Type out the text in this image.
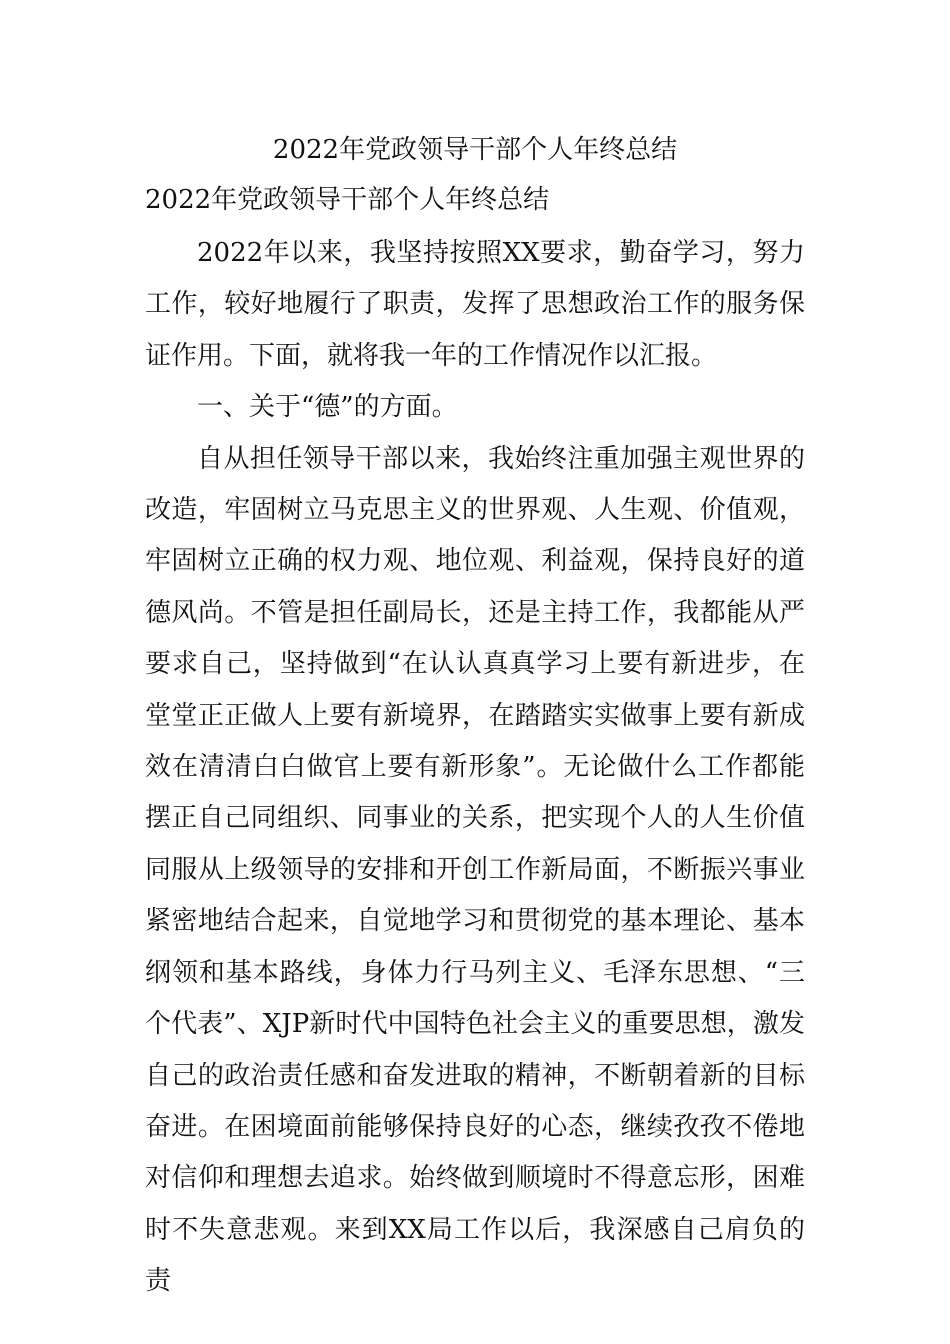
2022年党政领导干部个人年终总结
2022年党政领导干部个人年终总结

2022年以来，我坚持按照XX要求，勤奋学习，努力工作，较好地履行了职责，发挥了思想政治工作的服务保证作用。下面，就将我一年的工作情况作以汇报。

一、关于“德”的方面。

自从担任领导干部以来，我始终注重加强主观世界的改造，牢固树立马克思主义的世界观、人生观、价值观，牢固树立正确的权力观、地位观、利益观，保持良好的道德风尚。不管是担任副局长，还是主持工作，我都能从严要求自己，坚持做到“在认认真真学习上要有新进步，在堂堂正正做人上要有新境界，在踏踏实实做事上要有新成效在清清白白做官上要有新形象”。无论做什么工作都能摆正自己同组织、同事业的关系，把实现个人的人生价值同服从上级领导的安排和开创工作新局面，不断振兴事业紧密地结合起来，自觉地学习和贯彻党的基本理论、基本纲领和基本路线，身体力行马列主义、毛泽东思想、“三个代表”、XJP新时代中国特色社会主义的重要思想，激发自己的政治责任感和奋发进取的精神，不断朝着新的目标奋进。在困境面前能够保持良好的心态，继续孜孜不倦地对信仰和理想去追求。始终做到顺境时不得意忘形，困难时不失意悲观。来到XX局工作以后，我深感自己肩负的责
